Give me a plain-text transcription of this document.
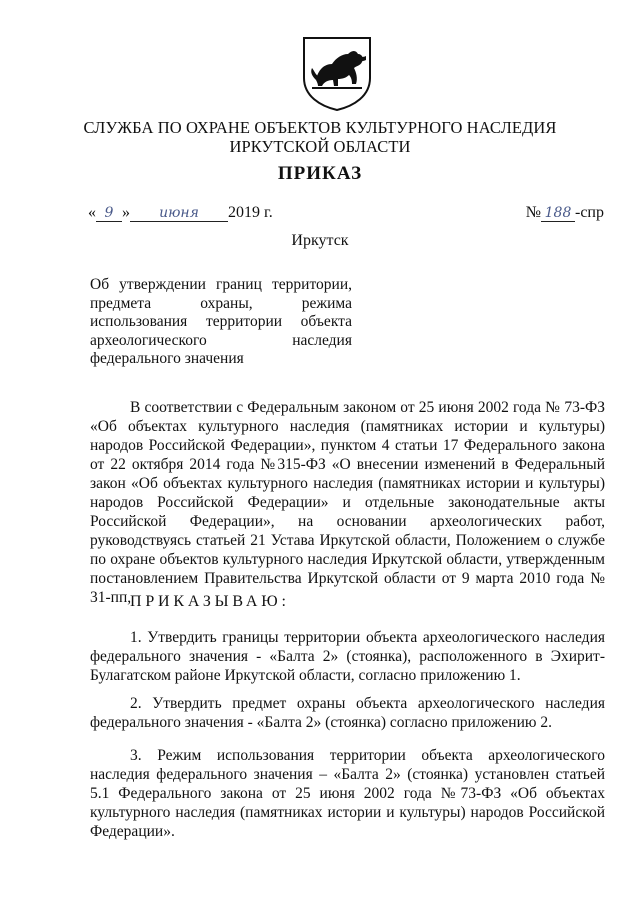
СЛУЖБА ПО ОХРАНЕ ОБЪЕКТОВ КУЛЬТУРНОГО НАСЛЕДИЯ
ИРКУТСКОЙ ОБЛАСТИ
ПРИКАЗ
« 9 » июня 2019 г.	№ 188 -спр
Иркутск
Об утверждении границ территории,
предмета охраны, режима
использования территории объекта
археологического наследия
федерального значения
В соответствии с Федеральным законом от 25 июня 2002 года № 73-ФЗ «Об объектах культурного наследия (памятниках истории и культуры) народов Российской Федерации», пунктом 4 статьи 17 Федерального закона от 22 октября 2014 года №315-ФЗ «О внесении изменений в Федеральный закон «Об объектах культурного наследия (памятниках истории и культуры) народов Российской Федерации» и отдельные законодательные акты Российской Федерации», на основании археологических работ, руководствуясь статьей 21 Устава Иркутской области, Положением о службе по охране объектов культурного наследия Иркутской области, утвержденным постановлением Правительства Иркутской области от 9 марта 2010 года № 31-пп,
ПРИКАЗЫВАЮ:
1. Утвердить границы территории объекта археологического наследия федерального значения - «Балта 2» (стоянка), расположенного в Эхирит-Булагатском районе Иркутской области, согласно приложению 1.
2. Утвердить предмет охраны объекта археологического наследия федерального значения - «Балта 2» (стоянка) согласно приложению 2.
3. Режим использования территории объекта археологического наследия федерального значения – «Балта 2» (стоянка) установлен статьей 5.1 Федерального закона от 25 июня 2002 года №73-ФЗ «Об объектах культурного наследия (памятниках истории и культуры) народов Российской Федерации».
